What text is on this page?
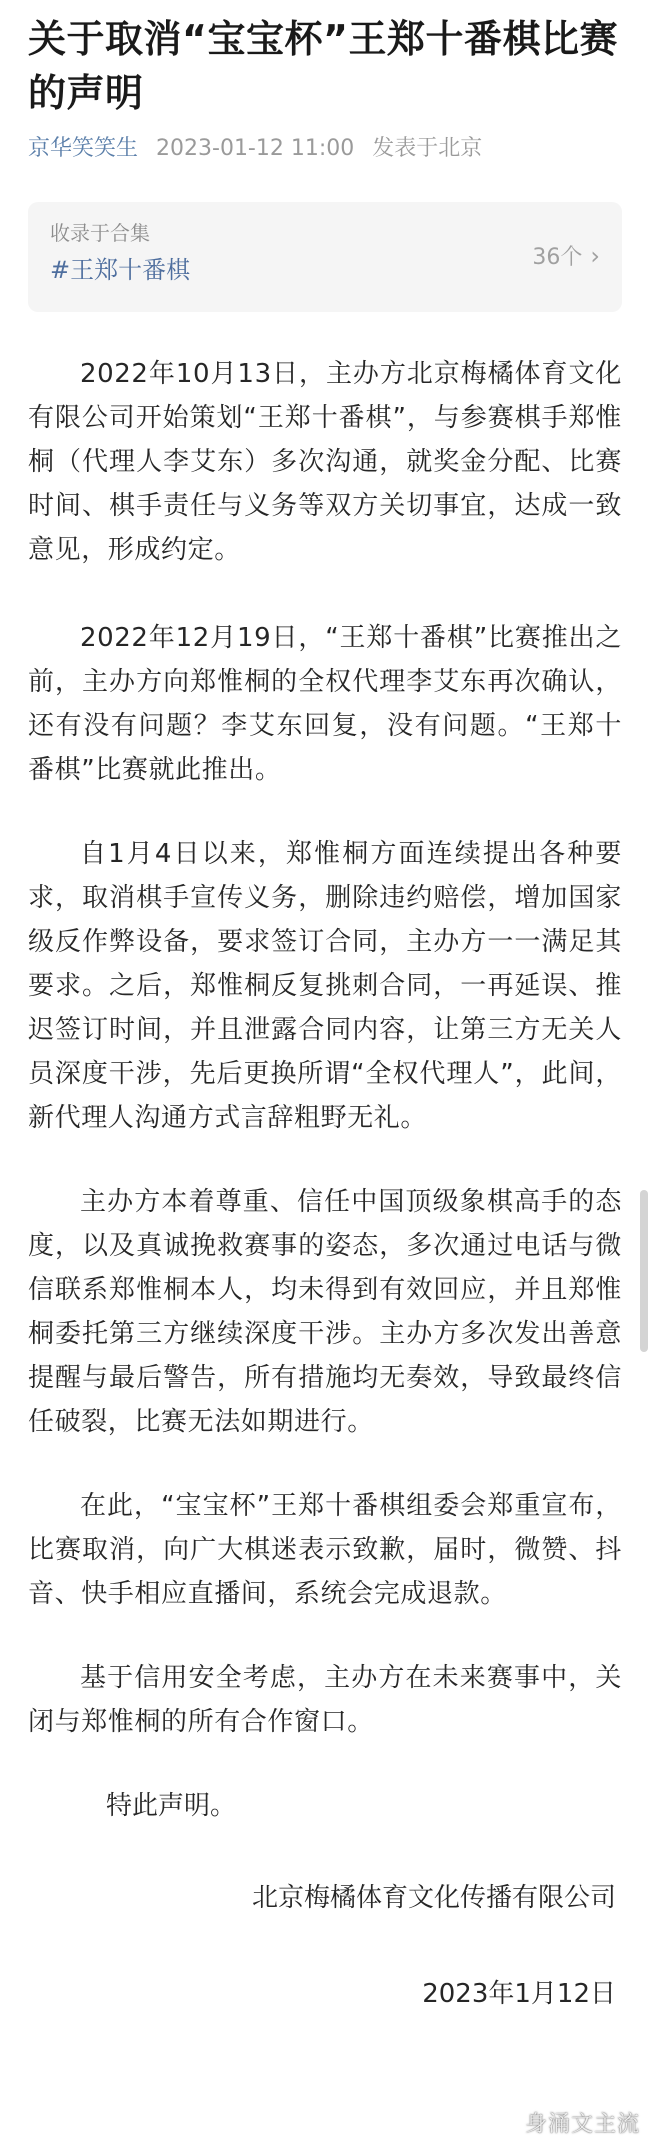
关于取消“宝宝杯”王郑十番棋比赛的声明
京华笑笑生 2023-01-12 11:00 发表于北京
收录于合集
#王郑十番棋	36个 ›

2022年10月13日，主办方北京梅橘体育文化有限公司开始策划“王郑十番棋”，与参赛棋手郑惟桐（代理人李艾东）多次沟通，就奖金分配、比赛时间、棋手责任与义务等双方关切事宜，达成一致意见，形成约定。

2022年12月19日，“王郑十番棋”比赛推出之前，主办方向郑惟桐的全权代理李艾东再次确认，还有没有问题？李艾东回复，没有问题。“王郑十番棋”比赛就此推出。

自1月4日以来，郑惟桐方面连续提出各种要求，取消棋手宣传义务，删除违约赔偿，增加国家级反作弊设备，要求签订合同，主办方一一满足其要求。之后，郑惟桐反复挑刺合同，一再延误、推迟签订时间，并且泄露合同内容，让第三方无关人员深度干涉，先后更换所谓“全权代理人”，此间，新代理人沟通方式言辞粗野无礼。

主办方本着尊重、信任中国顶级象棋高手的态度，以及真诚挽救赛事的姿态，多次通过电话与微信联系郑惟桐本人，均未得到有效回应，并且郑惟桐委托第三方继续深度干涉。主办方多次发出善意提醒与最后警告，所有措施均无奏效，导致最终信任破裂，比赛无法如期进行。

在此，“宝宝杯”王郑十番棋组委会郑重宣布，比赛取消，向广大棋迷表示致歉，届时，微赞、抖音、快手相应直播间，系统会完成退款。

基于信用安全考虑，主办方在未来赛事中，关闭与郑惟桐的所有合作窗口。

特此声明。

北京梅橘体育文化传播有限公司

2023年1月12日

身涌文主流
